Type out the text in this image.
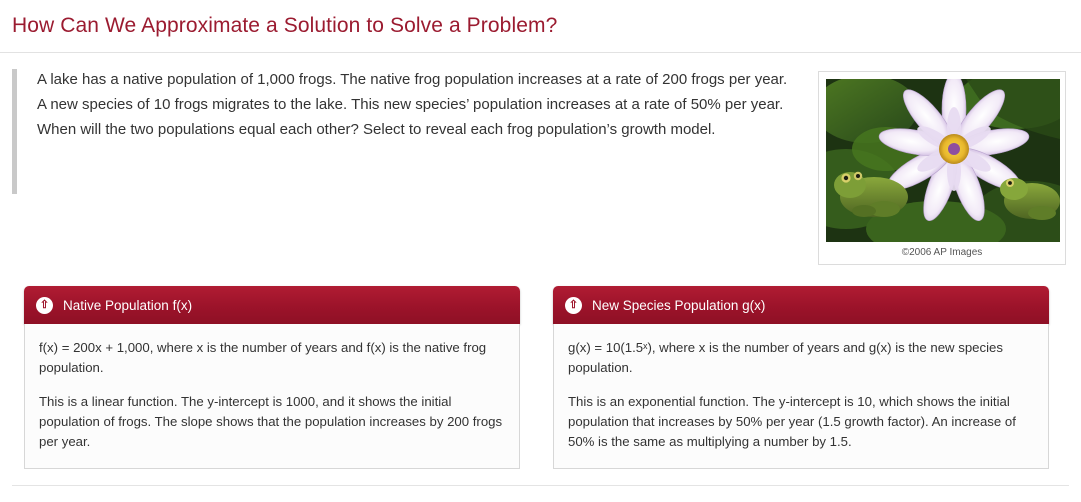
How Can We Approximate a Solution to Solve a Problem?
A lake has a native population of 1,000 frogs. The native frog population increases at a rate of 200 frogs per year. A new species of 10 frogs migrates to the lake. This new species’ population increases at a rate of 50% per year. When will the two populations equal each other? Select to reveal each frog population’s growth model.
©2006 AP Images
⇧ Native Population f(x)

f(x) = 200x + 1,000, where x is the number of years and f(x) is the native frog population.

This is a linear function. The y-intercept is 1000, and it shows the initial population of frogs. The slope shows that the population increases by 200 frogs per year.

⇧ New Species Population g(x)

g(x) = 10(1.5ˣ), where x is the number of years and g(x) is the new species population.

This is an exponential function. The y-intercept is 10, which shows the initial population that increases by 50% per year (1.5 growth factor). An increase of 50% is the same as multiplying a number by 1.5.
